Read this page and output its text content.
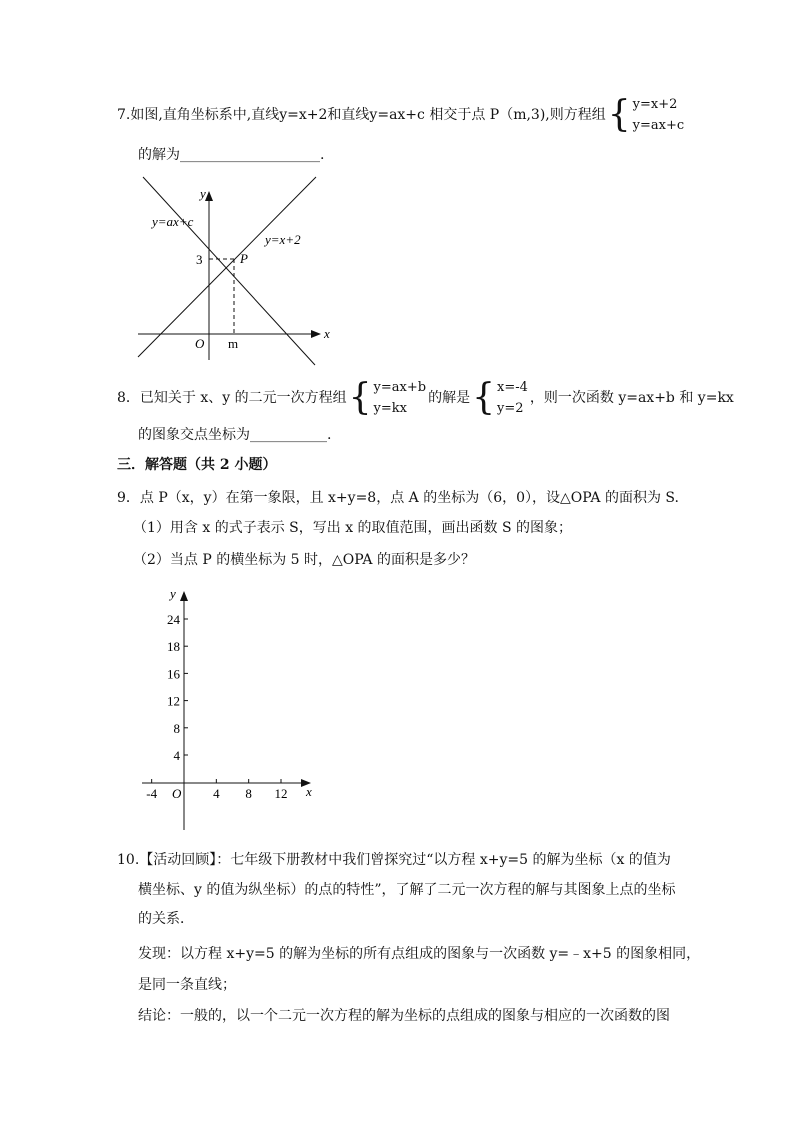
7.如图,直角坐标系中,直线y=x+2和直线y=ax+c 相交于点 P（m,3),则方程组 { y=x+2
y=ax+c
的解为____________________.
y=ax+c
y=x+2
P
3
m
O
x
y
8．已知关于 x、y 的二元一次方程组 { y=ax+b
y=kx
的解是 { x=-4
y=2
，则一次函数 y=ax+b 和 y=kx
的图象交点坐标为___________.
三．解答题（共 2 小题）
9．点 P（x，y）在第一象限，且 x+y=8，点 A 的坐标为（6，0），设△OPA 的面积为 S.
（1）用含 x 的式子表示 S，写出 x 的取值范围，画出函数 S 的图象；
（2）当点 P 的横坐标为 5 时，△OPA 的面积是多少？
-4	4 8 12
4
8
12
16
18
24
O	x
y
10.【活动回顾】：七年级下册教材中我们曾探究过“以方程 x+y=5 的解为坐标（x 的值为
横坐标、y 的值为纵坐标）的点的特性”，了解了二元一次方程的解与其图象上点的坐标
的关系．
发现：以方程 x+y=5 的解为坐标的所有点组成的图象与一次函数 y=﹣x+5 的图象相同，
是同一条直线；
结论：一般的，以一个二元一次方程的解为坐标的点组成的图象与相应的一次函数的图
